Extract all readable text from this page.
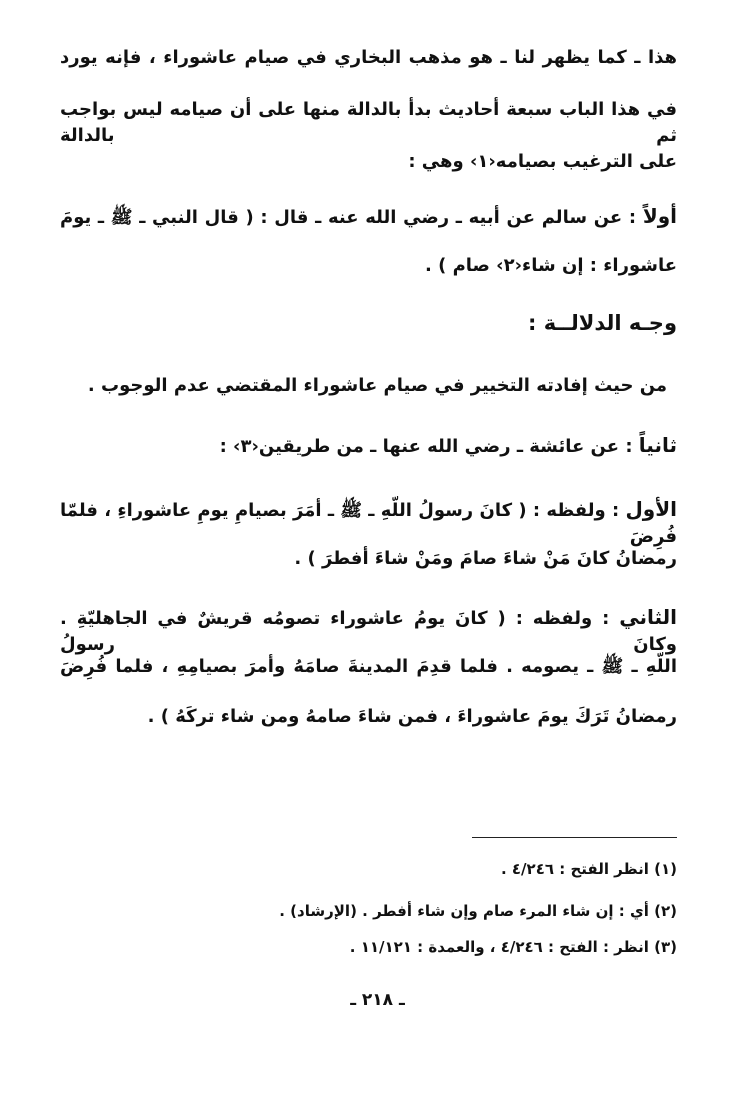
هذا ـ كما يظهر لنا ـ هو مذهب البخاري في صيام عاشوراء ، فإنه يورد
في هذا الباب سبعة أحاديث بدأ بالدالة منها على أن صيامه ليس بواجب ثم بالدالة
على الترغيب بصيامه‹١› وهي :
أولاً : عن سالم عن أبيه ـ رضي الله عنه ـ قال : ( قال النبي ـ ﷺ ـ يومَ
عاشوراء : إن شاء‹٢› صام ) .
وجـه الدلالــة :
من حيث إفادته التخيير في صيام عاشوراء المقتضي عدم الوجوب .
ثانياً : عن عائشة ـ رضي الله عنها ـ من طريقين‹٣› :
الأول : ولفظه : ( كانَ رسولُ اللّهِ ـ ﷺ ـ أمَرَ بصيامِ يومِ عاشوراءِ ، فلمّا فُرِضَ
رمضانُ كانَ مَنْ شاءَ صامَ ومَنْ شاءَ أفطرَ ) .
الثاني : ولفظه : ( كانَ يومُ عاشوراء تصومُه قريشٌ في الجاهليّةِ . وكانَ رسولُ
اللّهِ ـ ﷺ ـ يصومه . فلما قدِمَ المدينةَ صامَهُ وأمرَ بصيامِهِ ، فلما فُرِضَ
رمضانُ تَرَكَ يومَ عاشوراءَ ، فمن شاءَ صامهُ ومن شاء تركَهُ ) .
(١) انظر الفتح : ٤/٢٤٦ .
(٢) أي : إن شاء المرء صام وإن شاء أفطر . (الإرشاد) .
(٣) انظر : الفتح : ٤/٢٤٦ ، والعمدة : ١١/١٢١ .
ـ ٢١٨ ـ
